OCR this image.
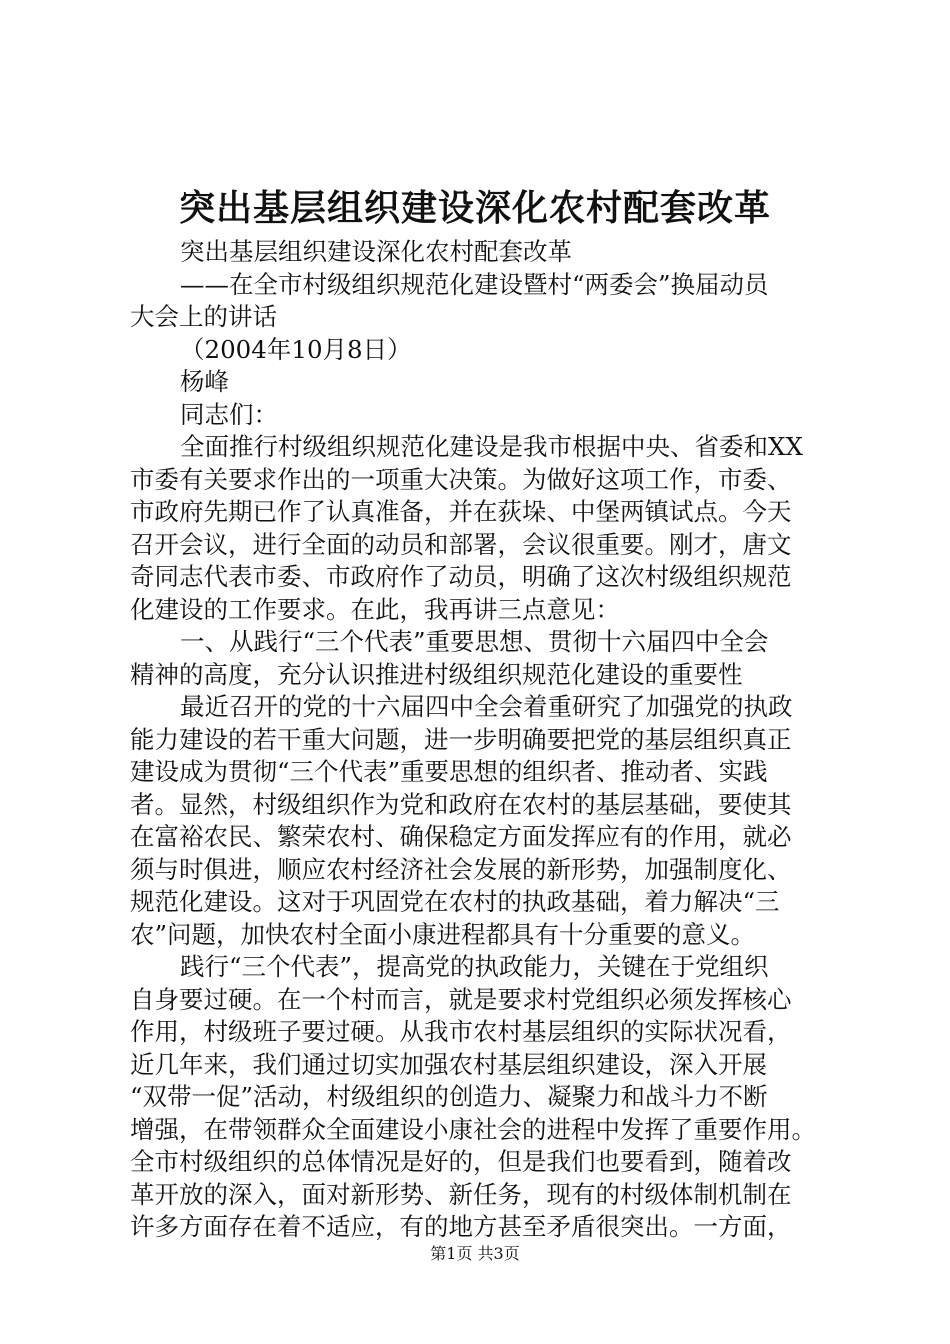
突出基层组织建设深化农村配套改革
突出基层组织建设深化农村配套改革
——在全市村级组织规范化建设暨村“两委会”换届动员
大会上的讲话
（2004年10月8日）
杨峰
同志们：
全面推行村级组织规范化建设是我市根据中央、省委和XX
市委有关要求作出的一项重大决策。为做好这项工作，市委、
市政府先期已作了认真准备，并在荻垛、中堡两镇试点。今天
召开会议，进行全面的动员和部署，会议很重要。刚才，唐文
奇同志代表市委、市政府作了动员，明确了这次村级组织规范
化建设的工作要求。在此，我再讲三点意见：
一、从践行“三个代表”重要思想、贯彻十六届四中全会
精神的高度，充分认识推进村级组织规范化建设的重要性
最近召开的党的十六届四中全会着重研究了加强党的执政
能力建设的若干重大问题，进一步明确要把党的基层组织真正
建设成为贯彻“三个代表”重要思想的组织者、推动者、实践
者。显然，村级组织作为党和政府在农村的基层基础，要使其
在富裕农民、繁荣农村、确保稳定方面发挥应有的作用，就必
须与时俱进，顺应农村经济社会发展的新形势，加强制度化、
规范化建设。这对于巩固党在农村的执政基础，着力解决“三
农”问题，加快农村全面小康进程都具有十分重要的意义。
践行“三个代表”，提高党的执政能力，关键在于党组织
自身要过硬。在一个村而言，就是要求村党组织必须发挥核心
作用，村级班子要过硬。从我市农村基层组织的实际状况看，
近几年来，我们通过切实加强农村基层组织建设，深入开展
“双带一促”活动，村级组织的创造力、凝聚力和战斗力不断
增强，在带领群众全面建设小康社会的进程中发挥了重要作用。
全市村级组织的总体情况是好的，但是我们也要看到，随着改
革开放的深入，面对新形势、新任务，现有的村级体制机制在
许多方面存在着不适应，有的地方甚至矛盾很突出。一方面，
第1页 共3页
